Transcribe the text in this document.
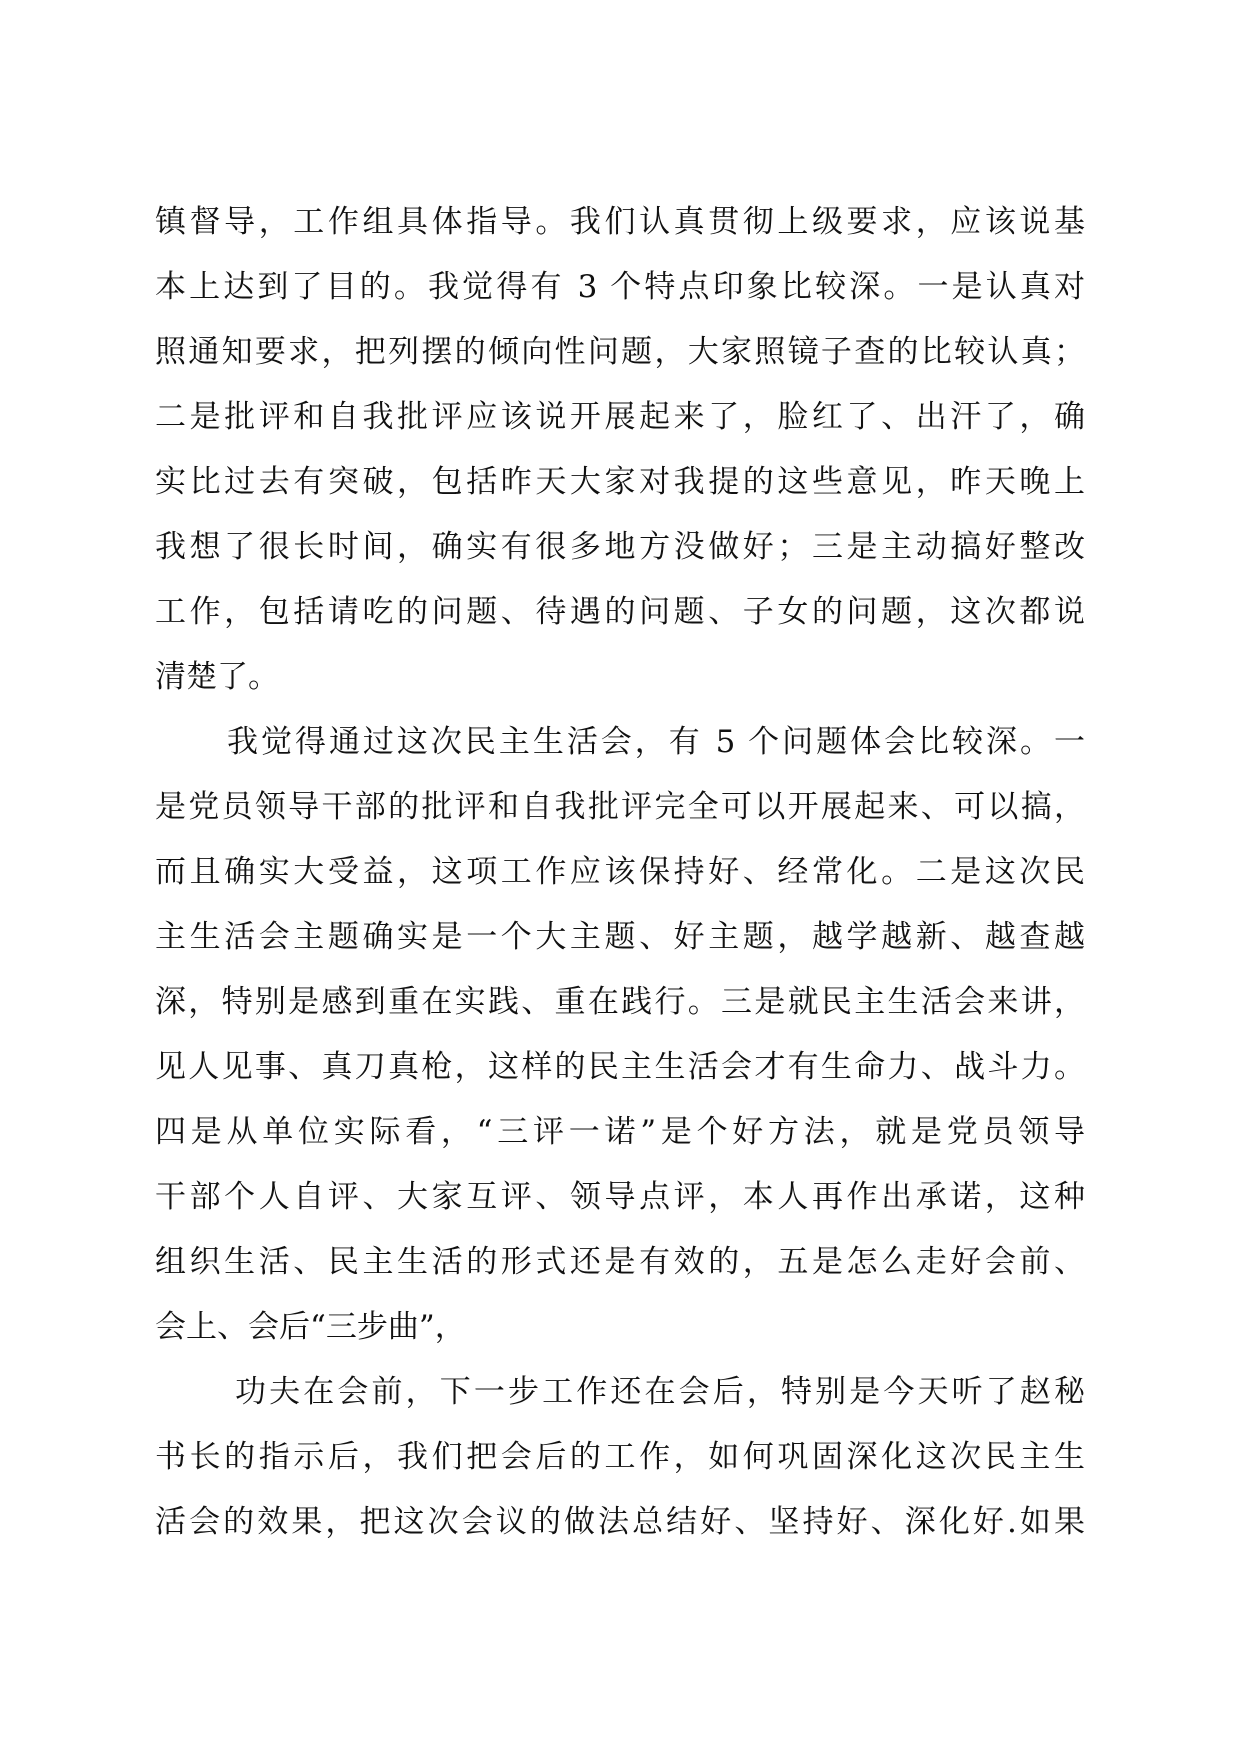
镇督导，工作组具体指导。我们认真贯彻上级要求，应该说基
本上达到了目的。我觉得有 3 个特点印象比较深。一是认真对
照通知要求，把列摆的倾向性问题，大家照镜子查的比较认真；
二是批评和自我批评应该说开展起来了，脸红了、出汗了，确
实比过去有突破，包括昨天大家对我提的这些意见，昨天晚上
我想了很长时间，确实有很多地方没做好；三是主动搞好整改
工作，包括请吃的问题、待遇的问题、子女的问题，这次都说
清楚了。
我觉得通过这次民主生活会，有 5 个问题体会比较深。一
是党员领导干部的批评和自我批评完全可以开展起来、可以搞，
而且确实大受益，这项工作应该保持好、经常化。二是这次民
主生活会主题确实是一个大主题、好主题，越学越新、越查越
深，特别是感到重在实践、重在践行。三是就民主生活会来讲，
见人见事、真刀真枪，这样的民主生活会才有生命力、战斗力。
四是从单位实际看，“三评一诺”是个好方法，就是党员领导
干部个人自评、大家互评、领导点评，本人再作出承诺，这种
组织生活、民主生活的形式还是有效的，五是怎么走好会前、
会上、会后“三步曲”，
功夫在会前，下一步工作还在会后，特别是今天听了赵秘
书长的指示后，我们把会后的工作，如何巩固深化这次民主生
活会的效果，把这次会议的做法总结好、坚持好、深化好.如果
